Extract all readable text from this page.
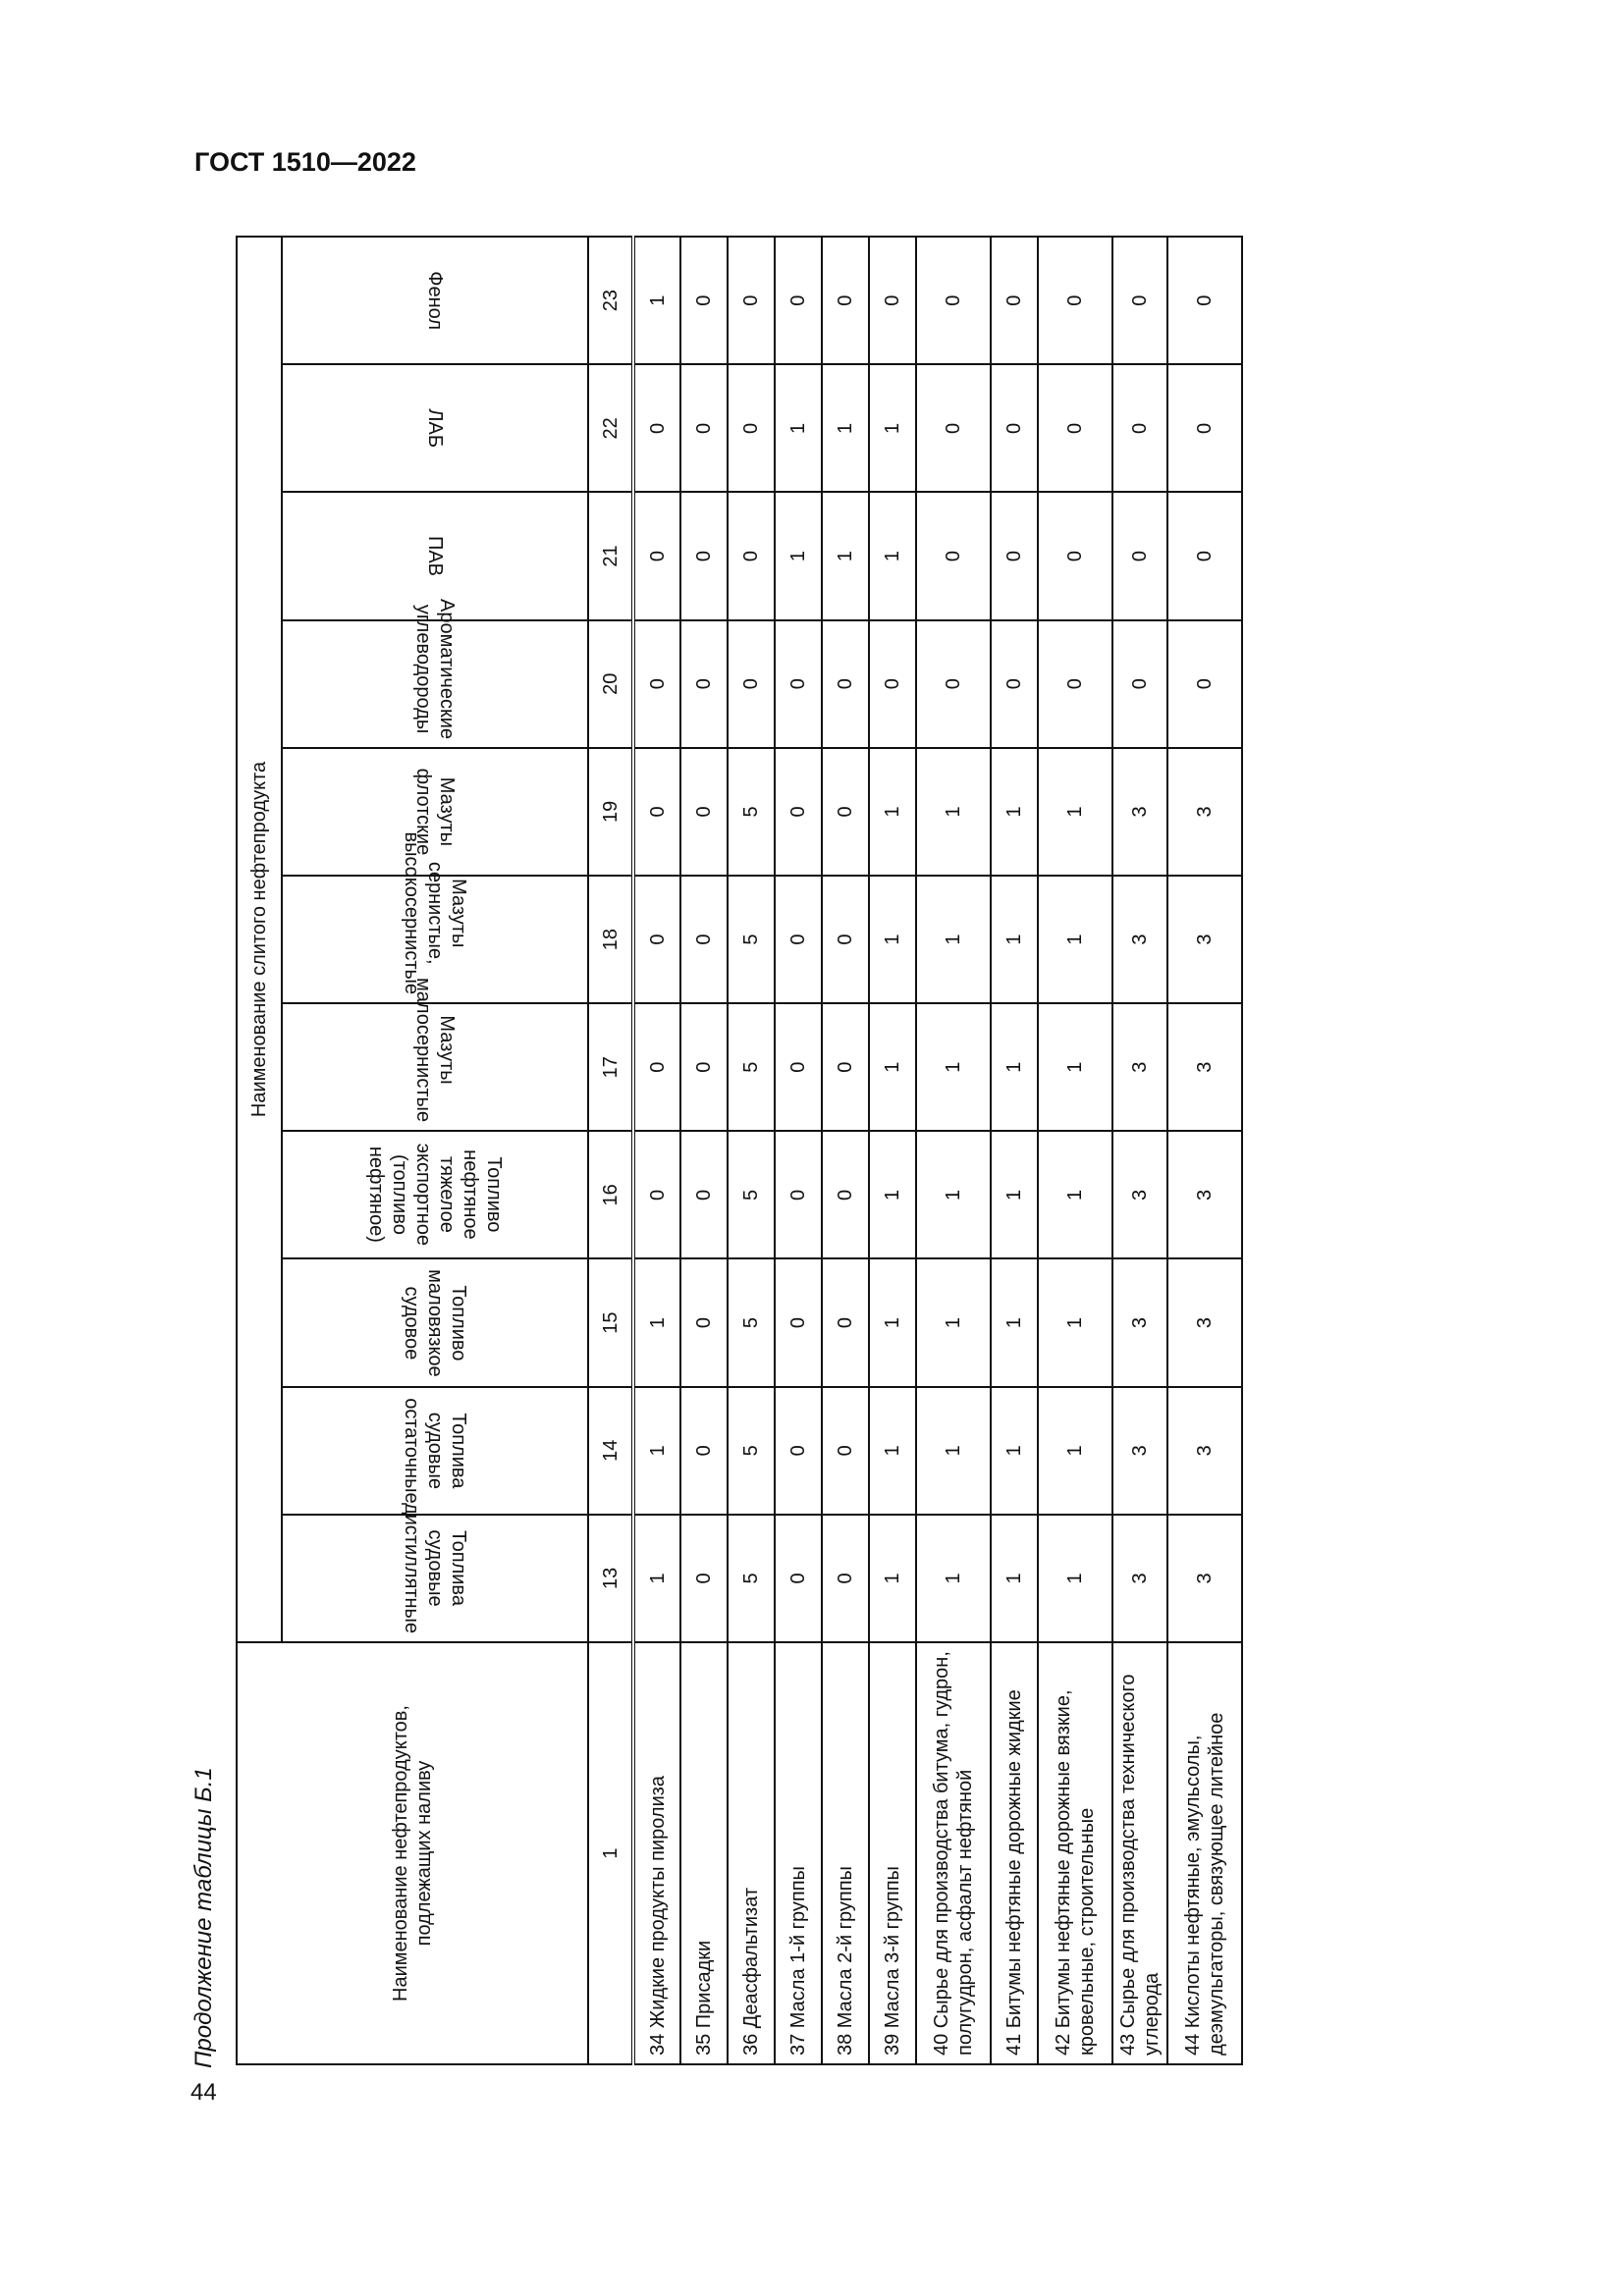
ГОСТ 1510—2022
Продолжение таблицы Б.1
44
Наименование нефтепродуктов, подлежащих наливу	Наименование слитого нефтепродукта										
	Топлива судовые дистиллятные	Топлива судовые остаточные	Топливо маловязкое судовое	Топливо нефтяное тяжелое экспортное (топливо нефтяное)	Мазуты малосернистые	Мазуты сернистые, высокосернистые	Мазуты флотские	Ароматические углеводороды	ПАВ	ЛАБ	Фенол
1	13	14	15	16	17	18	19	20	21	22	23
34 Жидкие продукты пиролиза	1	1	1	0	0	0	0	0	0	0	1
35 Присадки	0	0	0	0	0	0	0	0	0	0	0
36 Деасфальтизат	5	5	5	5	5	5	5	0	0	0	0
37 Масла 1-й группы	0	0	0	0	0	0	0	0	1	1	0
38 Масла 2-й группы	0	0	0	0	0	0	0	0	1	1	0
39 Масла 3-й группы	1	1	1	1	1	1	1	0	1	1	0
40 Сырье для производства битума, гудрон, полугудрон, асфальт нефтяной	1	1	1	1	1	1	1	0	0	0	0
41 Битумы нефтяные дорожные жидкие	1	1	1	1	1	1	1	0	0	0	0
42 Битумы нефтяные дорожные вязкие, кровельные, строительные	1	1	1	1	1	1	1	0	0	0	0
43 Сырье для производства технического углерода	3	3	3	3	3	3	3	0	0	0	0
44 Кислоты нефтяные, эмульсолы, деэмульгаторы, связующее литейное	3	3	3	3	3	3	3	0	0	0	0
